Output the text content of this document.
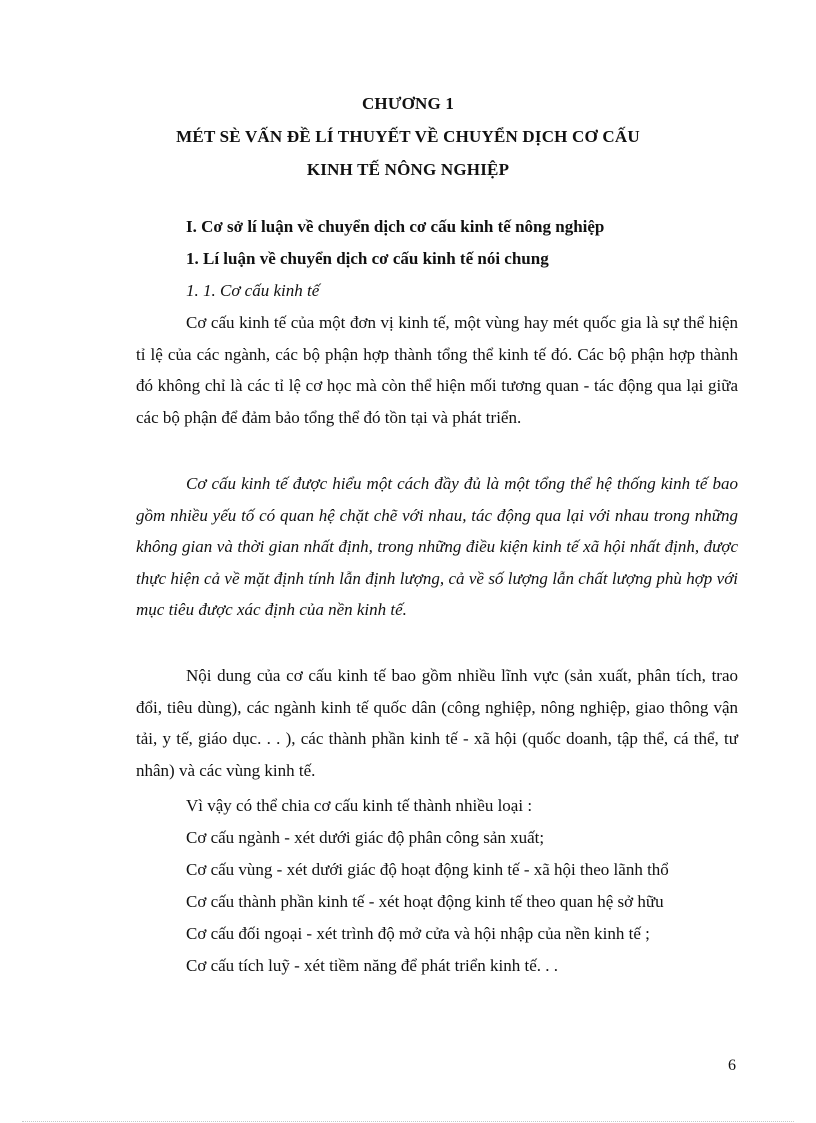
CHƯƠNG 1
MÉT SÈ VẤN ĐỀ LÍ THUYẾT VỀ CHUYỂN DỊCH CƠ CẤU
KINH TẾ NÔNG NGHIỆP
I. Cơ sở lí luận về chuyển dịch cơ cấu kinh tế nông nghiệp
1. Lí luận về chuyển dịch cơ cấu kinh tế nói chung
1. 1. Cơ cấu kinh tế

Cơ cấu kinh tế của một đơn vị kinh tế, một vùng hay mét quốc gia là sự thể hiện tỉ lệ của các ngành, các bộ phận hợp thành tổng thể kinh tế đó. Các bộ phận hợp thành đó không chỉ là các tỉ lệ cơ học mà còn thể hiện mối tương quan - tác động qua lại giữa các bộ phận để đảm bảo tổng thể đó tồn tại và phát triển.

Cơ cấu kinh tế được hiểu một cách đầy đủ là một tổng thể hệ thống kinh tế bao gồm nhiều yếu tố có quan hệ chặt chẽ với nhau, tác động qua lại với nhau trong những không gian và thời gian nhất định, trong những điều kiện kinh tế xã hội nhất định, được thực hiện cả về mặt định tính lẫn định lượng, cả về số lượng lẫn chất lượng phù hợp với mục tiêu được xác định của nền kinh tế.

Nội dung của cơ cấu kinh tế bao gồm nhiều lĩnh vực (sản xuất, phân tích, trao đổi, tiêu dùng), các ngành kinh tế quốc dân (công nghiệp, nông nghiệp, giao thông vận tải, y tế, giáo dục. . . ), các thành phần kinh tế - xã hội (quốc doanh, tập thể, cá thể, tư nhân) và các vùng kinh tế.

Vì vậy có thể chia cơ cấu kinh tế thành nhiều loại :
Cơ cấu ngành - xét dưới giác độ phân công sản xuất;
Cơ cấu vùng - xét dưới giác độ hoạt động kinh tế - xã hội theo lãnh thổ
Cơ cấu thành phần kinh tế - xét hoạt động kinh tế theo quan hệ sở hữu
Cơ cấu đối ngoại - xét trình độ mở cửa và hội nhập của nền kinh tế ;
Cơ cấu tích luỹ - xét tiềm năng để phát triển kinh tế. . .
6
